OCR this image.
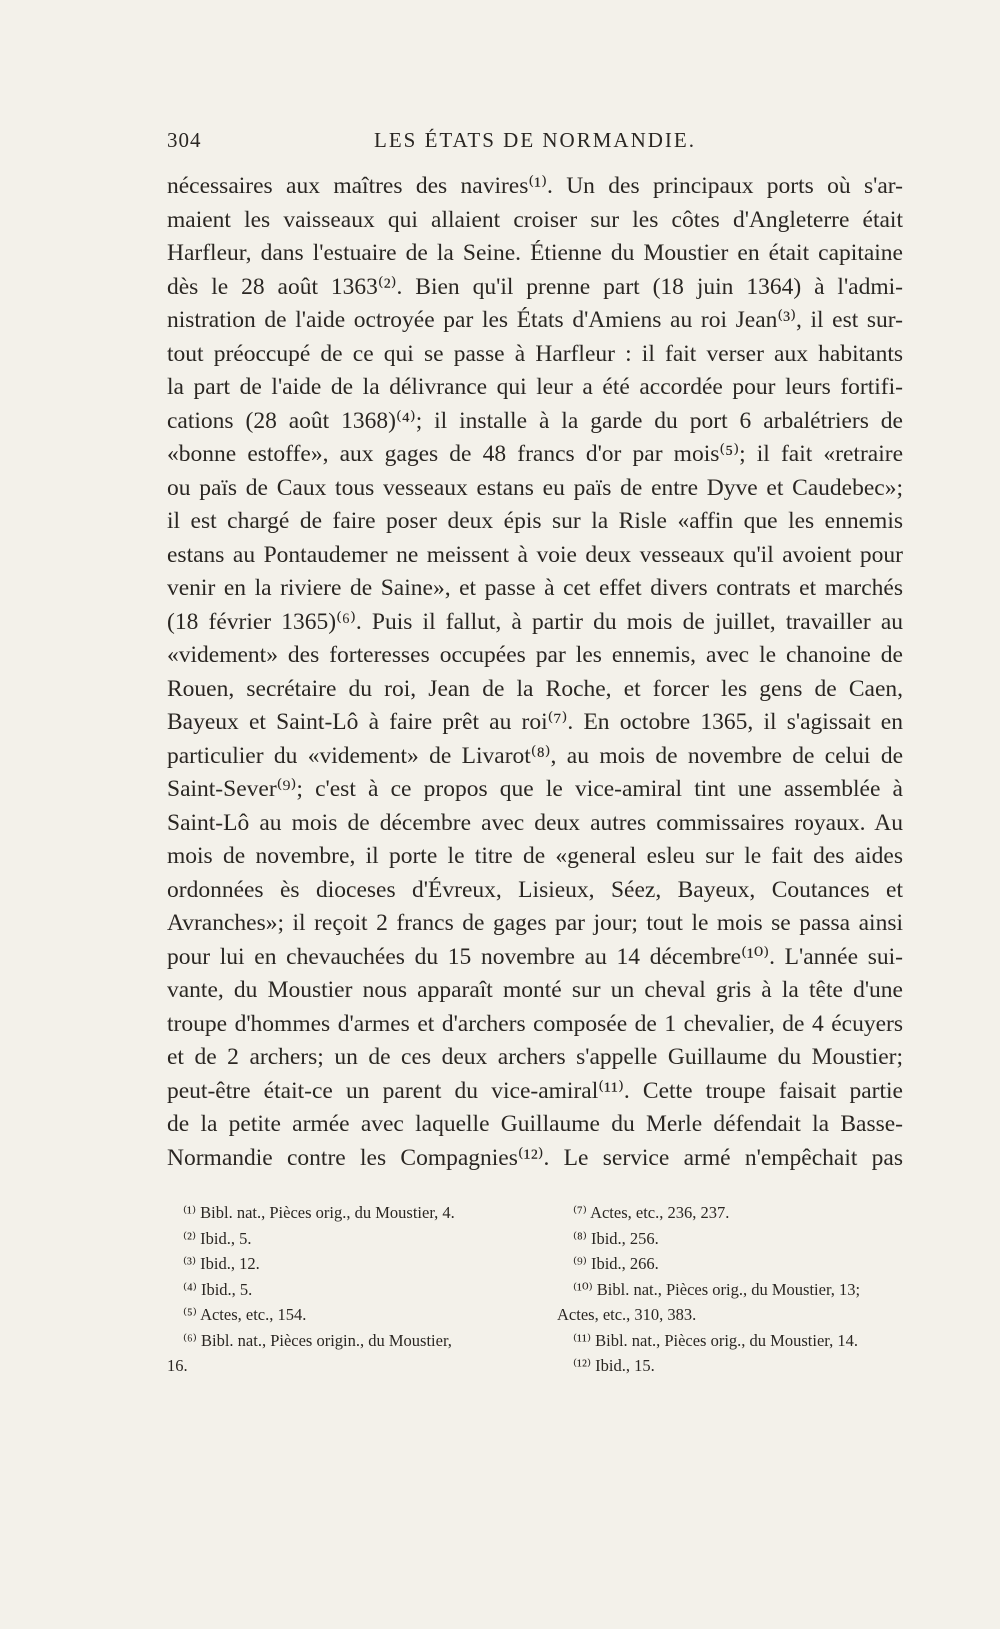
304	LES ÉTATS DE NORMANDIE.
nécessaires aux maîtres des navires⁽¹⁾. Un des principaux ports où s'ar-
maient les vaisseaux qui allaient croiser sur les côtes d'Angleterre était
Harfleur, dans l'estuaire de la Seine. Étienne du Moustier en était capitaine
dès le 28 août 1363⁽²⁾. Bien qu'il prenne part (18 juin 1364) à l'admi-
nistration de l'aide octroyée par les États d'Amiens au roi Jean⁽³⁾, il est sur-
tout préoccupé de ce qui se passe à Harfleur : il fait verser aux habitants
la part de l'aide de la délivrance qui leur a été accordée pour leurs fortifi-
cations (28 août 1368)⁽⁴⁾; il installe à la garde du port 6 arbalétriers de
«bonne estoffe», aux gages de 48 francs d'or par mois⁽⁵⁾; il fait «retraire
ou païs de Caux tous vesseaux estans eu païs de entre Dyve et Caudebec»;
il est chargé de faire poser deux épis sur la Risle «affin que les ennemis
estans au Pontaudemer ne meissent à voie deux vesseaux qu'il avoient pour
venir en la riviere de Saine», et passe à cet effet divers contrats et marchés
(18 février 1365)⁽⁶⁾. Puis il fallut, à partir du mois de juillet, travailler au
«videment» des forteresses occupées par les ennemis, avec le chanoine de
Rouen, secrétaire du roi, Jean de la Roche, et forcer les gens de Caen,
Bayeux et Saint-Lô à faire prêt au roi⁽⁷⁾. En octobre 1365, il s'agissait en
particulier du «videment» de Livarot⁽⁸⁾, au mois de novembre de celui de
Saint-Sever⁽⁹⁾; c'est à ce propos que le vice-amiral tint une assemblée à
Saint-Lô au mois de décembre avec deux autres commissaires royaux. Au
mois de novembre, il porte le titre de «general esleu sur le fait des aides
ordonnées ès dioceses d'Évreux, Lisieux, Séez, Bayeux, Coutances et
Avranches»; il reçoit 2 francs de gages par jour; tout le mois se passa ainsi
pour lui en chevauchées du 15 novembre au 14 décembre⁽¹⁰⁾. L'année sui-
vante, du Moustier nous apparaît monté sur un cheval gris à la tête d'une
troupe d'hommes d'armes et d'archers composée de 1 chevalier, de 4 écuyers
et de 2 archers; un de ces deux archers s'appelle Guillaume du Moustier;
peut-être était-ce un parent du vice-amiral⁽¹¹⁾. Cette troupe faisait partie
de la petite armée avec laquelle Guillaume du Merle défendait la Basse-
Normandie contre les Compagnies⁽¹²⁾. Le service armé n'empêchait pas
⁽¹⁾ Bibl. nat., Pièces orig., du Moustier, 4.
⁽²⁾ Ibid., 5.
⁽³⁾ Ibid., 12.
⁽⁴⁾ Ibid., 5.
⁽⁵⁾ Actes, etc., 154.
⁽⁶⁾ Bibl. nat., Pièces origin., du Moustier,
16.
⁽⁷⁾ Actes, etc., 236, 237.
⁽⁸⁾ Ibid., 256.
⁽⁹⁾ Ibid., 266.
⁽¹⁰⁾ Bibl. nat., Pièces orig., du Moustier, 13;
Actes, etc., 310, 383.
⁽¹¹⁾ Bibl. nat., Pièces orig., du Moustier, 14.
⁽¹²⁾ Ibid., 15.
